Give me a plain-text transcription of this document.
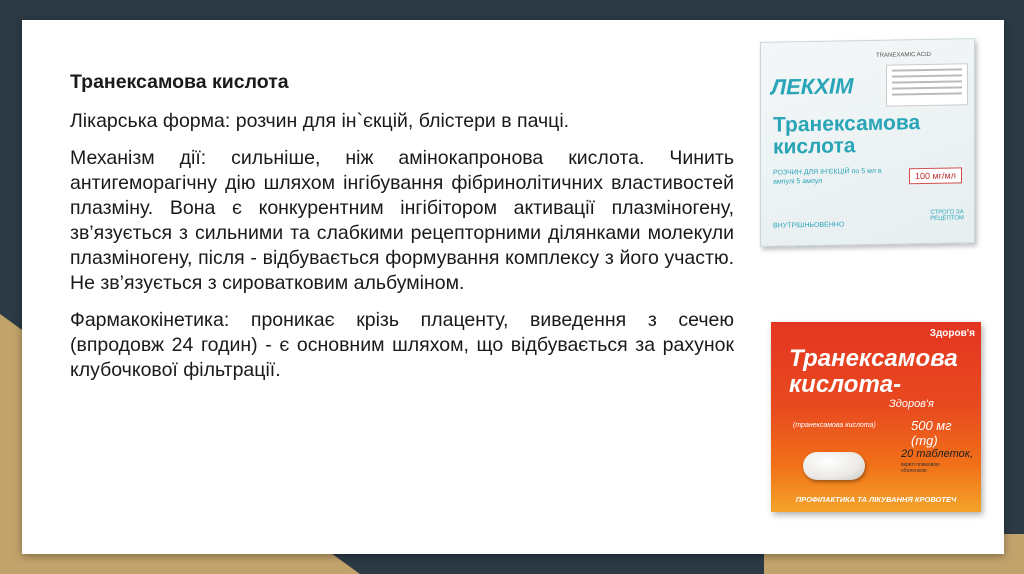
Транексамова кислота

Лікарська форма: розчин для ін`єкцій, блістери в пачці.

Механізм дії: сильніше, ніж амінокапронова кислота. Чинить антигеморагічну дію шляхом інгібування фібринолітичних властивостей плазміну. Вона є конкурентним інгібітором активації плазміногену, зв’язується з сильними та слабкими рецепторними ділянками молекули плазміногену, після - відбувається формування комплексу з його участю. Не зв’язується з сироватковим альбуміном.

Фармакокінетика: проникає крізь плаценту, виведення з сечею (впродовж 24 годин) - є основним шляхом, що відбувається за рахунок клубочкової фільтрації.

TRANEXAMIC ACID
ЛЕКХІМ
Транексамова кислота
РОЗЧИН ДЛЯ ІН'ЄКЦІЙ по 5 мл в ампулі 5 ампул
100 мг/мл
ВНУТРІШНЬОВЕННО
СТРОГО ЗА РЕЦЕПТОМ
Здоров'я
Транексамова кислота-
Здоров'я
(транексамова кислота)	500 мг (mg)
20 таблеток,
вкриті плівковою оболонкою
ПРОФІЛАКТИКА ТА ЛІКУВАННЯ КРОВОТЕЧ
